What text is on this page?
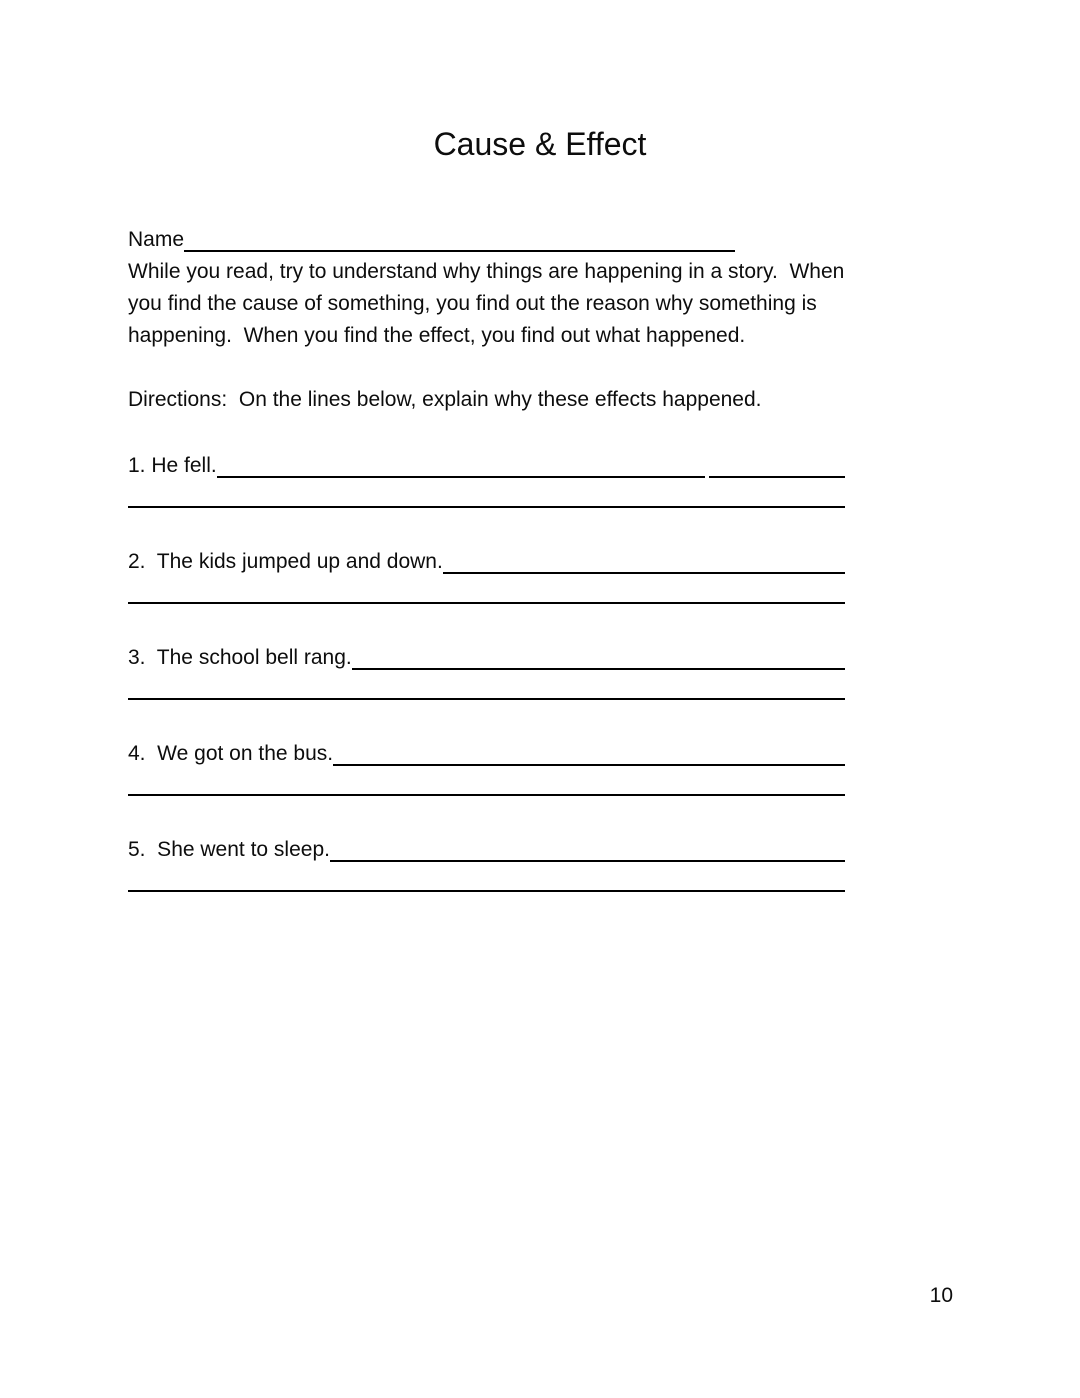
Cause & Effect
Name
While you read, try to understand why things are happening in a story.  When
you find the cause of something, you find out the reason why something is
happening.  When you find the effect, you find out what happened.
Directions:  On the lines below, explain why these effects happened.
1. He fell.
2.  The kids jumped up and down.
3.  The school bell rang.
4.  We got on the bus.
5.  She went to sleep.
10
